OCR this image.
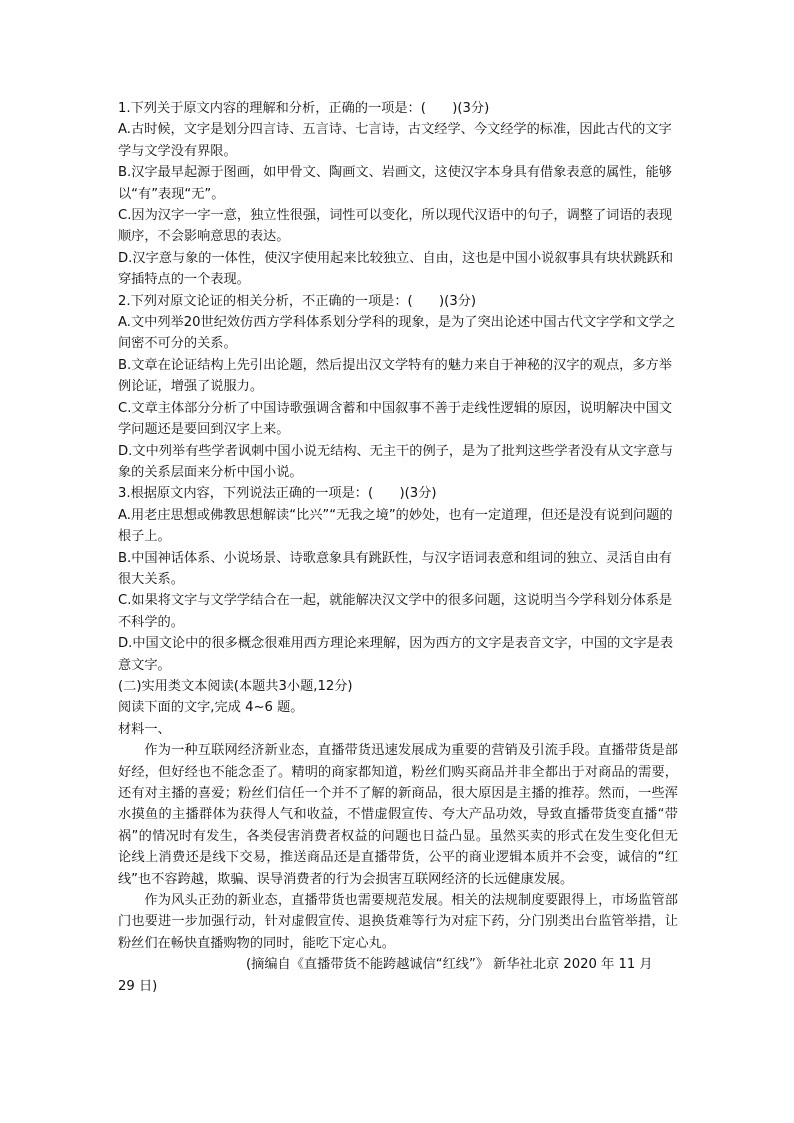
1.下列关于原文内容的理解和分析，正确的一项是：(　　)(3分)
A.古时候，文字是划分四言诗、五言诗、七言诗，古文经学、今文经学的标准，因此古代的文字学与文学没有界限。
B.汉字最早起源于图画，如甲骨文、陶画文、岩画文，这使汉字本身具有借象表意的属性，能够以“有”表现“无”。
C.因为汉字一字一意，独立性很强，词性可以变化，所以现代汉语中的句子，调整了词语的表现顺序，不会影响意思的表达。
D.汉字意与象的一体性，使汉字使用起来比较独立、自由，这也是中国小说叙事具有块状跳跃和穿插特点的一个表现。
2.下列对原文论证的相关分析，不正确的一项是：(　　)(3分)
A.文中列举20世纪效仿西方学科体系划分学科的现象，是为了突出论述中国古代文字学和文学之间密不可分的关系。
B.文章在论证结构上先引出论题，然后提出汉文学特有的魅力来自于神秘的汉字的观点，多方举例论证，增强了说服力。
C.文章主体部分分析了中国诗歌强调含蓄和中国叙事不善于走线性逻辑的原因，说明解决中国文学问题还是要回到汉字上来。
D.文中列举有些学者讽刺中国小说无结构、无主干的例子，是为了批判这些学者没有从文字意与象的关系层面来分析中国小说。
3.根据原文内容，下列说法正确的一项是：(　　)(3分)
A.用老庄思想或佛教思想解读“比兴”“无我之境”的妙处，也有一定道理，但还是没有说到问题的根子上。
B.中国神话体系、小说场景、诗歌意象具有跳跃性，与汉字语词表意和组词的独立、灵活自由有很大关系。
C.如果将文字与文学学结合在一起，就能解决汉文学中的很多问题，这说明当今学科划分体系是不科学的。
D.中国文论中的很多概念很难用西方理论来理解，因为西方的文字是表音文字，中国的文字是表意文字。
(二)实用类文本阅读(本题共3小题,12分)
阅读下面的文字,完成 4~6 题。
材料一、
作为一种互联网经济新业态，直播带货迅速发展成为重要的营销及引流手段。直播带货是部好经，但好经也不能念歪了。精明的商家都知道，粉丝们购买商品并非全都出于对商品的需要，还有对主播的喜爱；粉丝们信任一个并不了解的新商品，很大原因是主播的推荐。然而，一些浑水摸鱼的主播群体为获得人气和收益，不惜虚假宣传、夸大产品功效，导致直播带货变直播“带祸”的情况时有发生，各类侵害消费者权益的问题也日益凸显。虽然买卖的形式在发生变化但无论线上消费还是线下交易，推送商品还是直播带货，公平的商业逻辑本质并不会变，诚信的“红线”也不容跨越，欺骗、误导消费者的行为会损害互联网经济的长远健康发展。
作为风头正劲的新业态，直播带货也需要规范发展。相关的法规制度要跟得上，市场监管部门也要进一步加强行动，针对虚假宣传、退换货难等行为对症下药，分门别类出台监管举措，让粉丝们在畅快直播购物的同时，能吃下定心丸。
(摘编自《直播带货不能跨越诚信“红线”》 新华社北京 2020 年 11 月
29 日)
